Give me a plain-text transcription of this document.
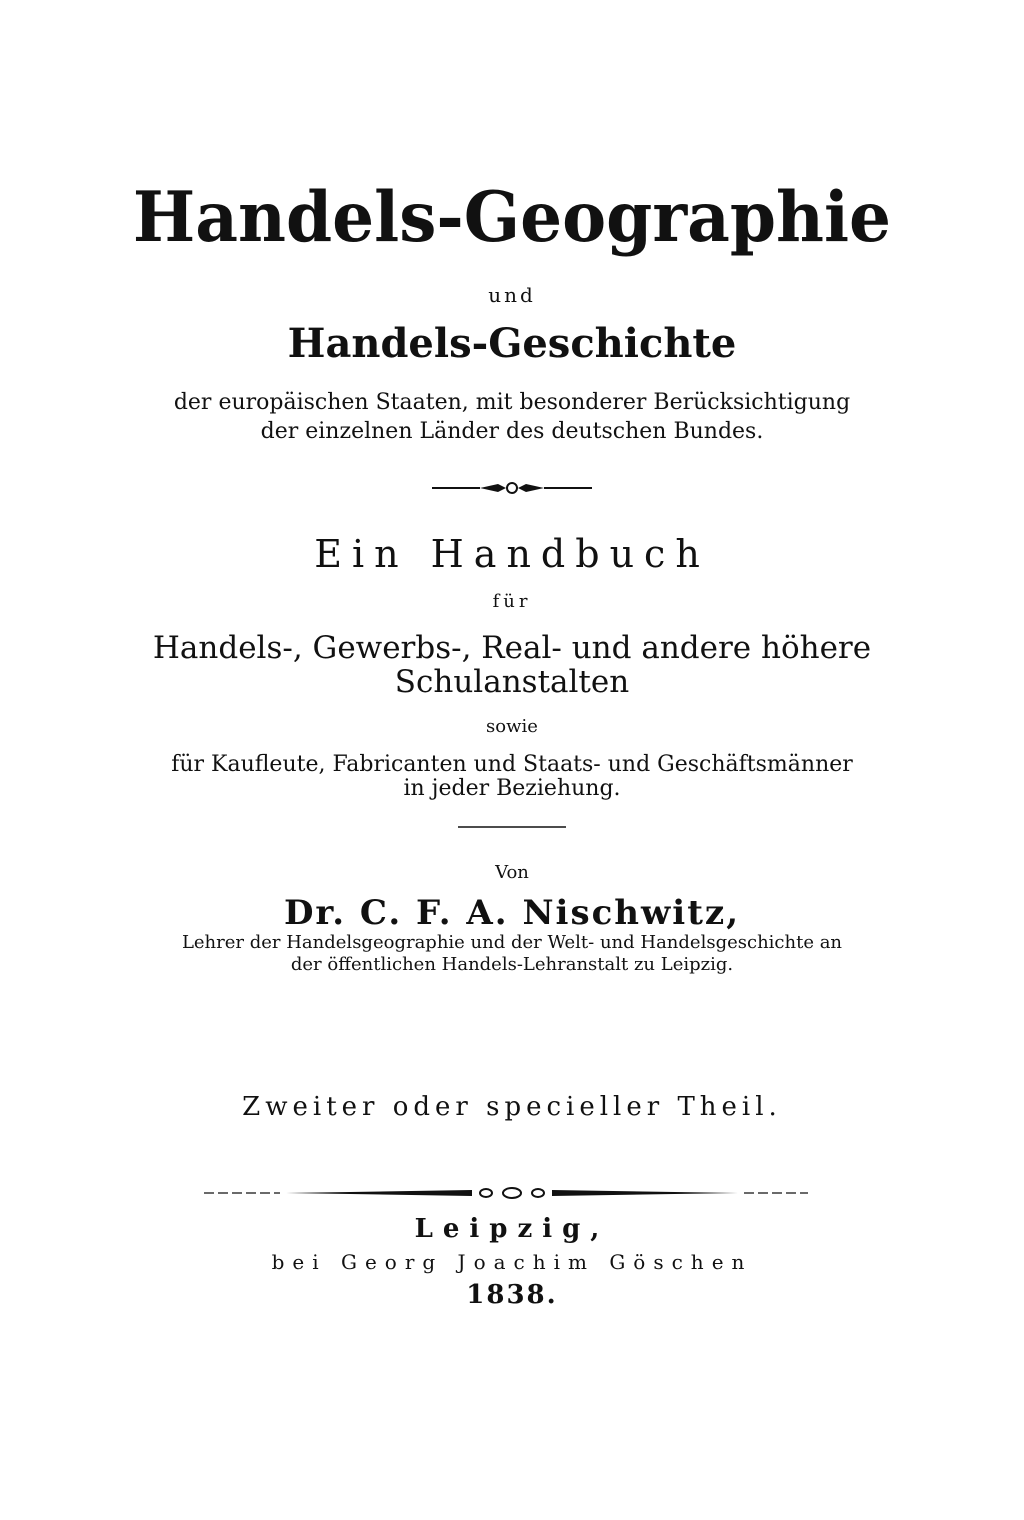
Handels-Geographie
und
Handels-Geschichte
der europäischen Staaten, mit besonderer Berücksichtigung
der einzelnen Länder des deutschen Bundes.
Ein Handbuch
für
Handels-, Gewerbs-, Real- und andere höhere
Schulanstalten
sowie
für Kaufleute, Fabricanten und Staats- und Geschäftsmänner
in jeder Beziehung.
Von
Dr. C. F. A. Nischwitz,
Lehrer der Handelsgeographie und der Welt- und Handelsgeschichte an
der öffentlichen Handels-Lehranstalt zu Leipzig.
Zweiter oder specieller Theil.
Leipzig,
bei Georg Joachim Göschen
1838.
